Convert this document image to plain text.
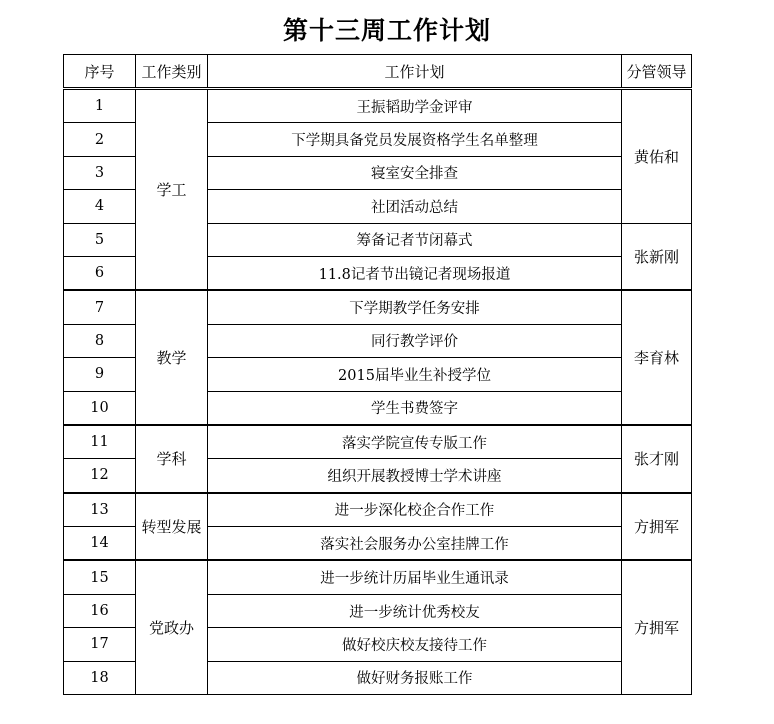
第十三周工作计划
序号	工作类别	工作计划	分管领导
1	学工	王振韬助学金评审	黄佑和
2		下学期具备党员发展资格学生名单整理	
3		寝室安全排查	
4		社团活动总结	
5		筹备记者节闭幕式	张新刚
6		11.8记者节出镜记者现场报道	
7	教学	下学期教学任务安排	李育林
8		同行教学评价	
9		2015届毕业生补授学位	
10		学生书费签字	
11	学科	落实学院宣传专版工作	张才刚
12		组织开展教授博士学术讲座	
13	转型发展	进一步深化校企合作工作	方拥军
14		落实社会服务办公室挂牌工作	
15	党政办	进一步统计历届毕业生通讯录	方拥军
16		进一步统计优秀校友	
17		做好校庆校友接待工作	
18		做好财务报账工作	
